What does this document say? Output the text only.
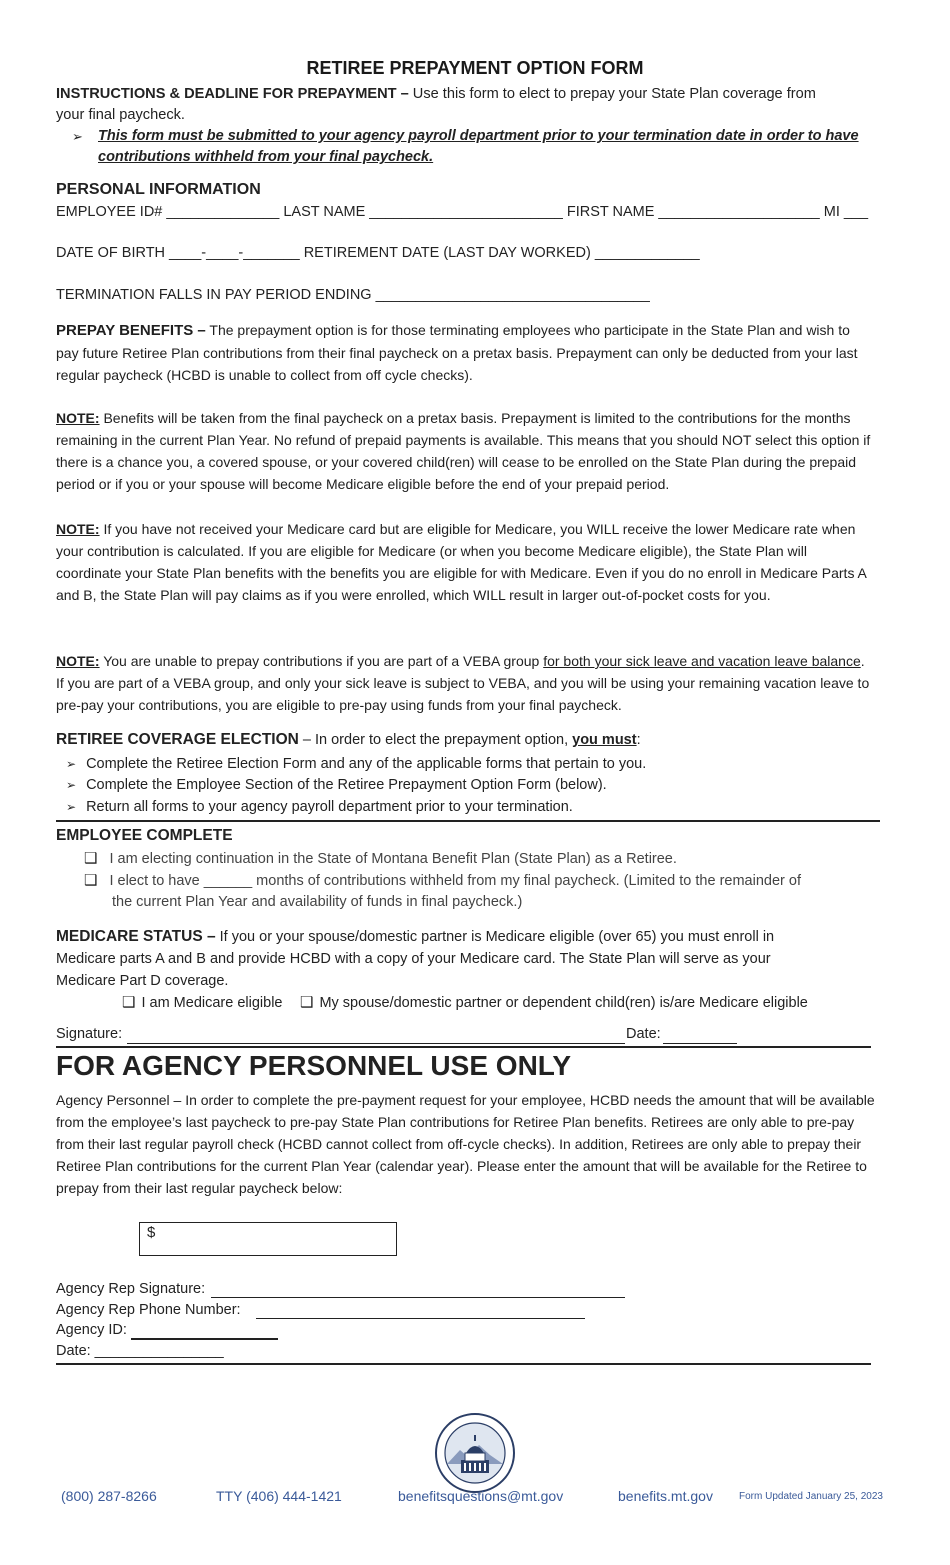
RETIREE PREPAYMENT OPTION FORM
INSTRUCTIONS & DEADLINE FOR PREPAYMENT – Use this form to elect to prepay your State Plan coverage from
your final paycheck.
➢ This form must be submitted to your agency payroll department prior to your termination date in order to have
contributions withheld from your final paycheck.
PERSONAL INFORMATION
EMPLOYEE ID# ______________ LAST NAME ________________________ FIRST NAME ____________________ MI ___
DATE OF BIRTH ____-____-_______ RETIREMENT DATE (LAST DAY WORKED) _____________
TERMINATION FALLS IN PAY PERIOD ENDING __________________________________
PREPAY BENEFITS – The prepayment option is for those terminating employees who participate in the State Plan and wish to pay future Retiree Plan contributions from their final paycheck on a pretax basis. Prepayment can only be deducted from your last regular paycheck (HCBD is unable to collect from off cycle checks).
NOTE: Benefits will be taken from the final paycheck on a pretax basis. Prepayment is limited to the contributions for the months remaining in the current Plan Year. No refund of prepaid payments is available. This means that you should NOT select this option if there is a chance you, a covered spouse, or your covered child(ren) will cease to be enrolled on the State Plan during the prepaid period or if you or your spouse will become Medicare eligible before the end of your prepaid period.
NOTE: If you have not received your Medicare card but are eligible for Medicare, you WILL receive the lower Medicare rate when your contribution is calculated. If you are eligible for Medicare (or when you become Medicare eligible), the State Plan will coordinate your State Plan benefits with the benefits you are eligible for with Medicare. Even if you do no enroll in Medicare Parts A and B, the State Plan will pay claims as if you were enrolled, which WILL result in larger out-of-pocket costs for you.
NOTE: You are unable to prepay contributions if you are part of a VEBA group for both your sick leave and vacation leave balance. If you are part of a VEBA group, and only your sick leave is subject to VEBA, and you will be using your remaining vacation leave to pre-pay your contributions, you are eligible to pre-pay using funds from your final paycheck.
RETIREE COVERAGE ELECTION – In order to elect the prepayment option, you must:
➢ Complete the Retiree Election Form and any of the applicable forms that pertain to you.
➢ Complete the Employee Section of the Retiree Prepayment Option Form (below).
➢ Return all forms to your agency payroll department prior to your termination.
EMPLOYEE COMPLETE
❑ I am electing continuation in the State of Montana Benefit Plan (State Plan) as a Retiree.
❑ I elect to have ______ months of contributions withheld from my final paycheck. (Limited to the remainder of
the current Plan Year and availability of funds in final paycheck.)
MEDICARE STATUS – If you or your spouse/domestic partner is Medicare eligible (over 65) you must enroll in
Medicare parts A and B and provide HCBD with a copy of your Medicare card. The State Plan will serve as your
Medicare Part D coverage.
❑ I am Medicare eligible ❑ My spouse/domestic partner or dependent child(ren) is/are Medicare eligible
Signature:	Date:
FOR AGENCY PERSONNEL USE ONLY
Agency Personnel – In order to complete the pre-payment request for your employee, HCBD needs the amount that will be available from the employee’s last paycheck to pre-pay State Plan contributions for Retiree Plan benefits. Retirees are only able to pre-pay from their last regular payroll check (HCBD cannot collect from off-cycle checks). In addition, Retirees are only able to prepay their Retiree Plan contributions for the current Plan Year (calendar year). Please enter the amount that will be available for the Retiree to prepay from their last regular paycheck below:
$
Agency Rep Signature:
Agency Rep Phone Number:
Agency ID:
Date: ________________
(800) 287-8266	TTY (406) 444-1421	benefitsquestions@mt.gov	benefits.mt.gov	Form Updated January 25, 2023
